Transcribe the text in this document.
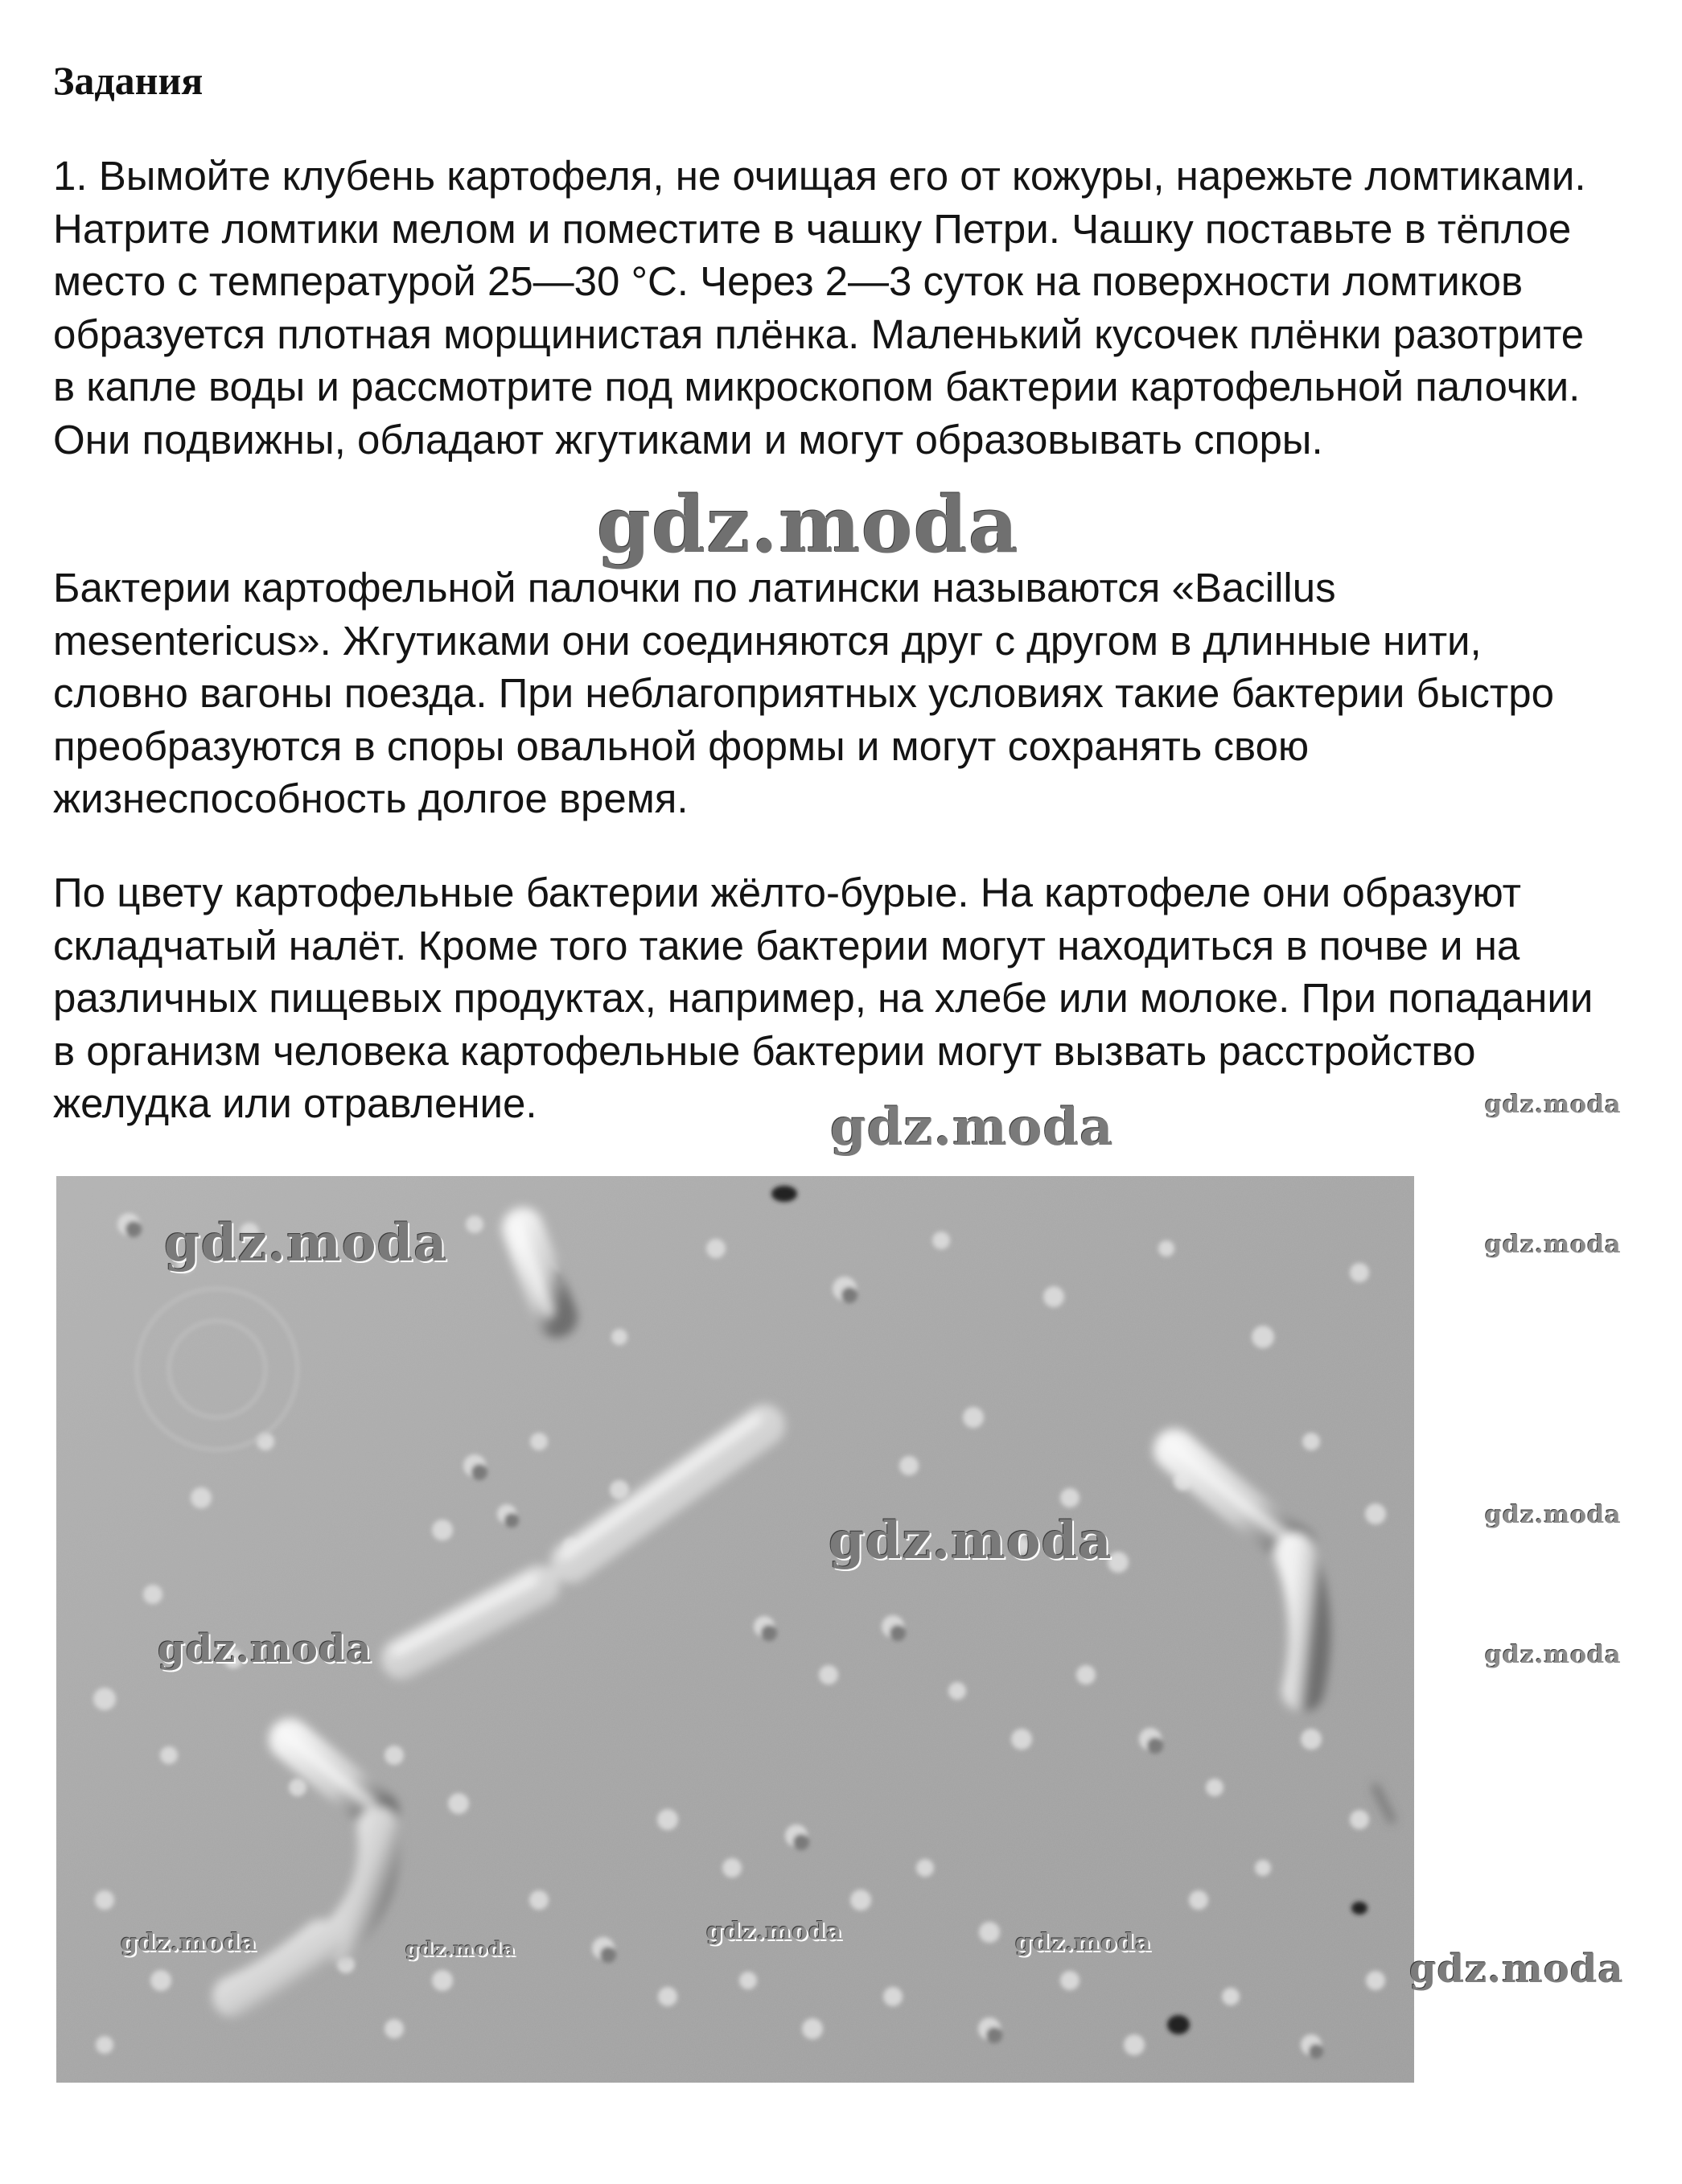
Задания

1. Вымойте клубень картофеля, не очищая его от кожуры, нарежьте ломтиками. Натрите ломтики мелом и поместите в чашку Петри. Чашку поставьте в тёплое место с температурой 25—30 °С. Через 2—3 суток на поверхности ломтиков образуется плотная морщинистая плёнка. Маленький кусочек плёнки разотрите в капле воды и рассмотрите под микроскопом бактерии картофельной палочки. Они подвижны, обладают жгутиками и могут образовывать споры.

Бактерии картофельной палочки по латински называются «Bacillus mesentericus». Жгутиками они соединяются друг с другом в длинные нити, словно вагоны поезда. При неблагоприятных условиях такие бактерии быстро преобразуются в споры овальной формы и могут сохранять свою жизнеспособность долгое время.

По цвету картофельные бактерии жёлто-бурые. На картофеле они образуют складчатый налёт. Кроме того такие бактерии могут находиться в почве и на различных пищевых продуктах, например, на хлебе или молоке. При попадании в организм человека картофельные бактерии могут вызвать расстройство желудка или отравление.

gdz.moda
gdz.moda	gdz.moda
gdz.moda	gdz.moda
gdz.moda	gdz.moda
gdz.moda	gdz.moda
gdz.moda	gdz.moda
gdz.moda	gdz.moda
gdz.moda
